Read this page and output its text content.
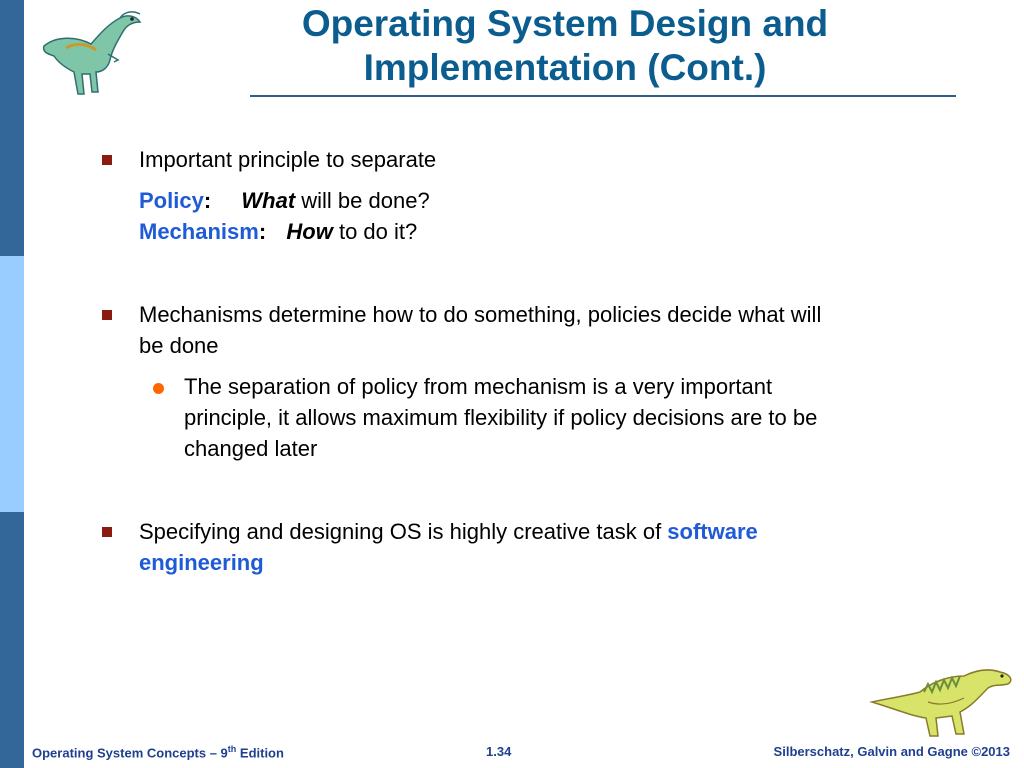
Operating System Design and
Implementation (Cont.)
Important principle to separate
Policy: What will be done?
Mechanism: How to do it?
Mechanisms determine how to do something, policies decide what will
be done
The separation of policy from mechanism is a very important
principle, it allows maximum flexibility if policy decisions are to be
changed later
Specifying and designing OS is highly creative task of software
engineering
Operating System Concepts – 9th Edition	1.34	Silberschatz, Galvin and Gagne ©2013
